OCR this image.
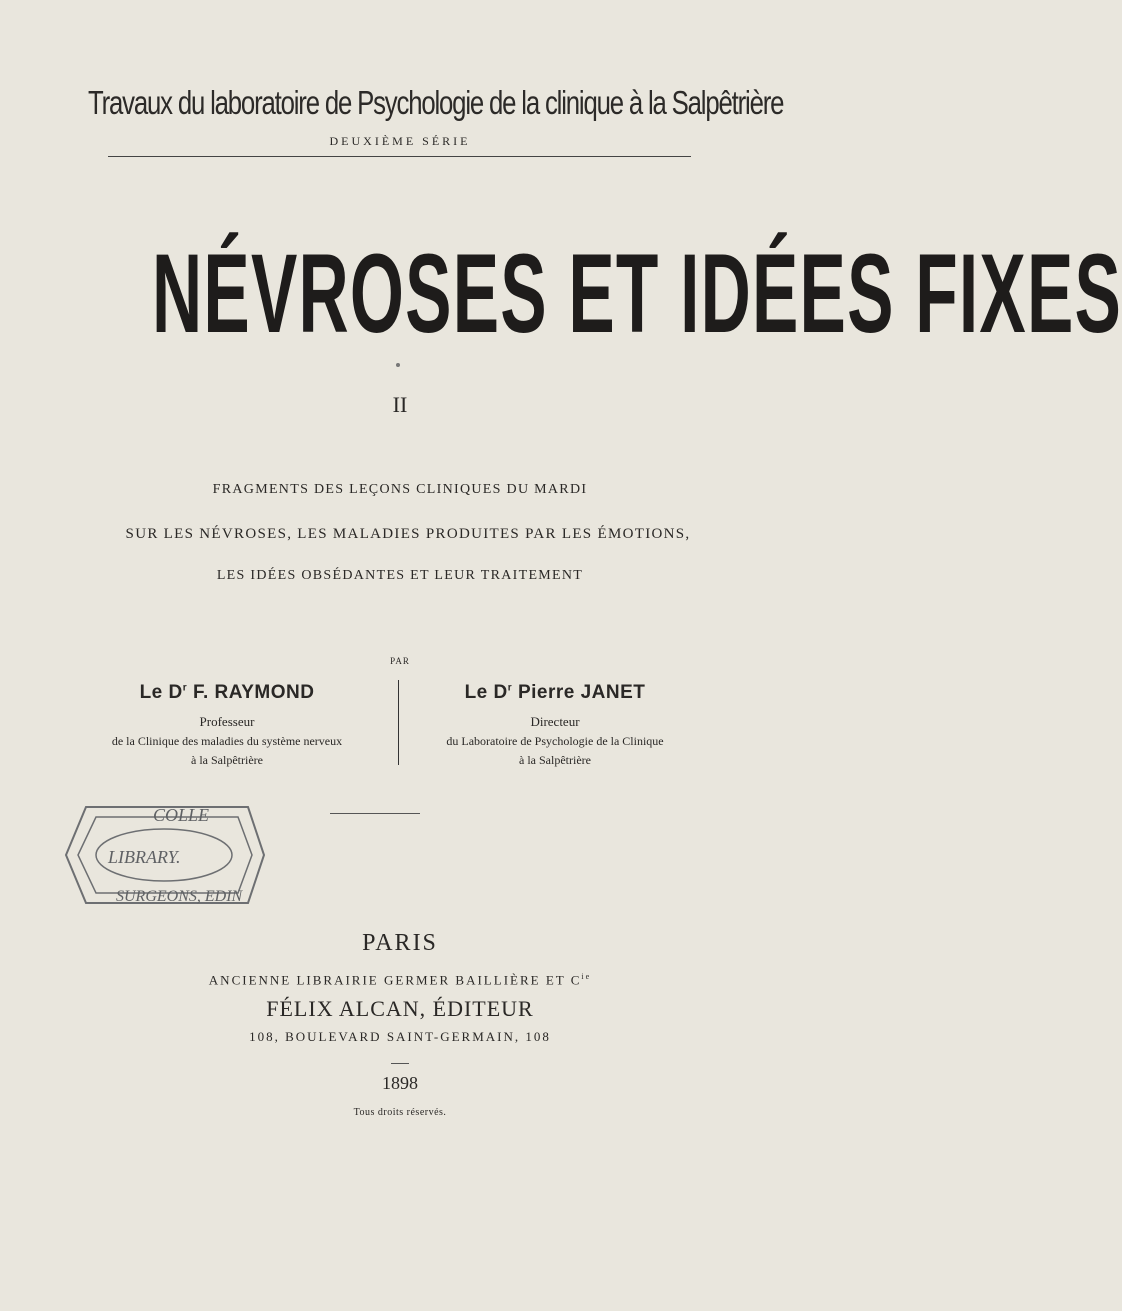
Travaux du laboratoire de Psychologie de la clinique à la Salpêtrière
DEUXIÈME SÉRIE
NÉVROSES ET IDÉES FIXES
II
FRAGMENTS DES LEÇONS CLINIQUES DU MARDI
SUR LES NÉVROSES, LES MALADIES PRODUITES PAR LES ÉMOTIONS,
LES IDÉES OBSÉDANTES ET LEUR TRAITEMENT
PAR
Le $D^r$ F. RAYMOND
Professeur
de la Clinique des maladies du système nerveux
à la Salpêtrière
Le $D^r$ Pierre JANET
Directeur
du Laboratoire de Psychologie de la Clinique
à la Salpêtrière
COLLE
LIBRARY.
SURGEONS, EDIN
PARIS
ANCIENNE LIBRAIRIE GERMER BAILLIÈRE ET $C^{ie}$
FÉLIX ALCAN, ÉDITEUR
108, BOULEVARD SAINT-GERMAIN, 108
1898
Tous droits réservés.
